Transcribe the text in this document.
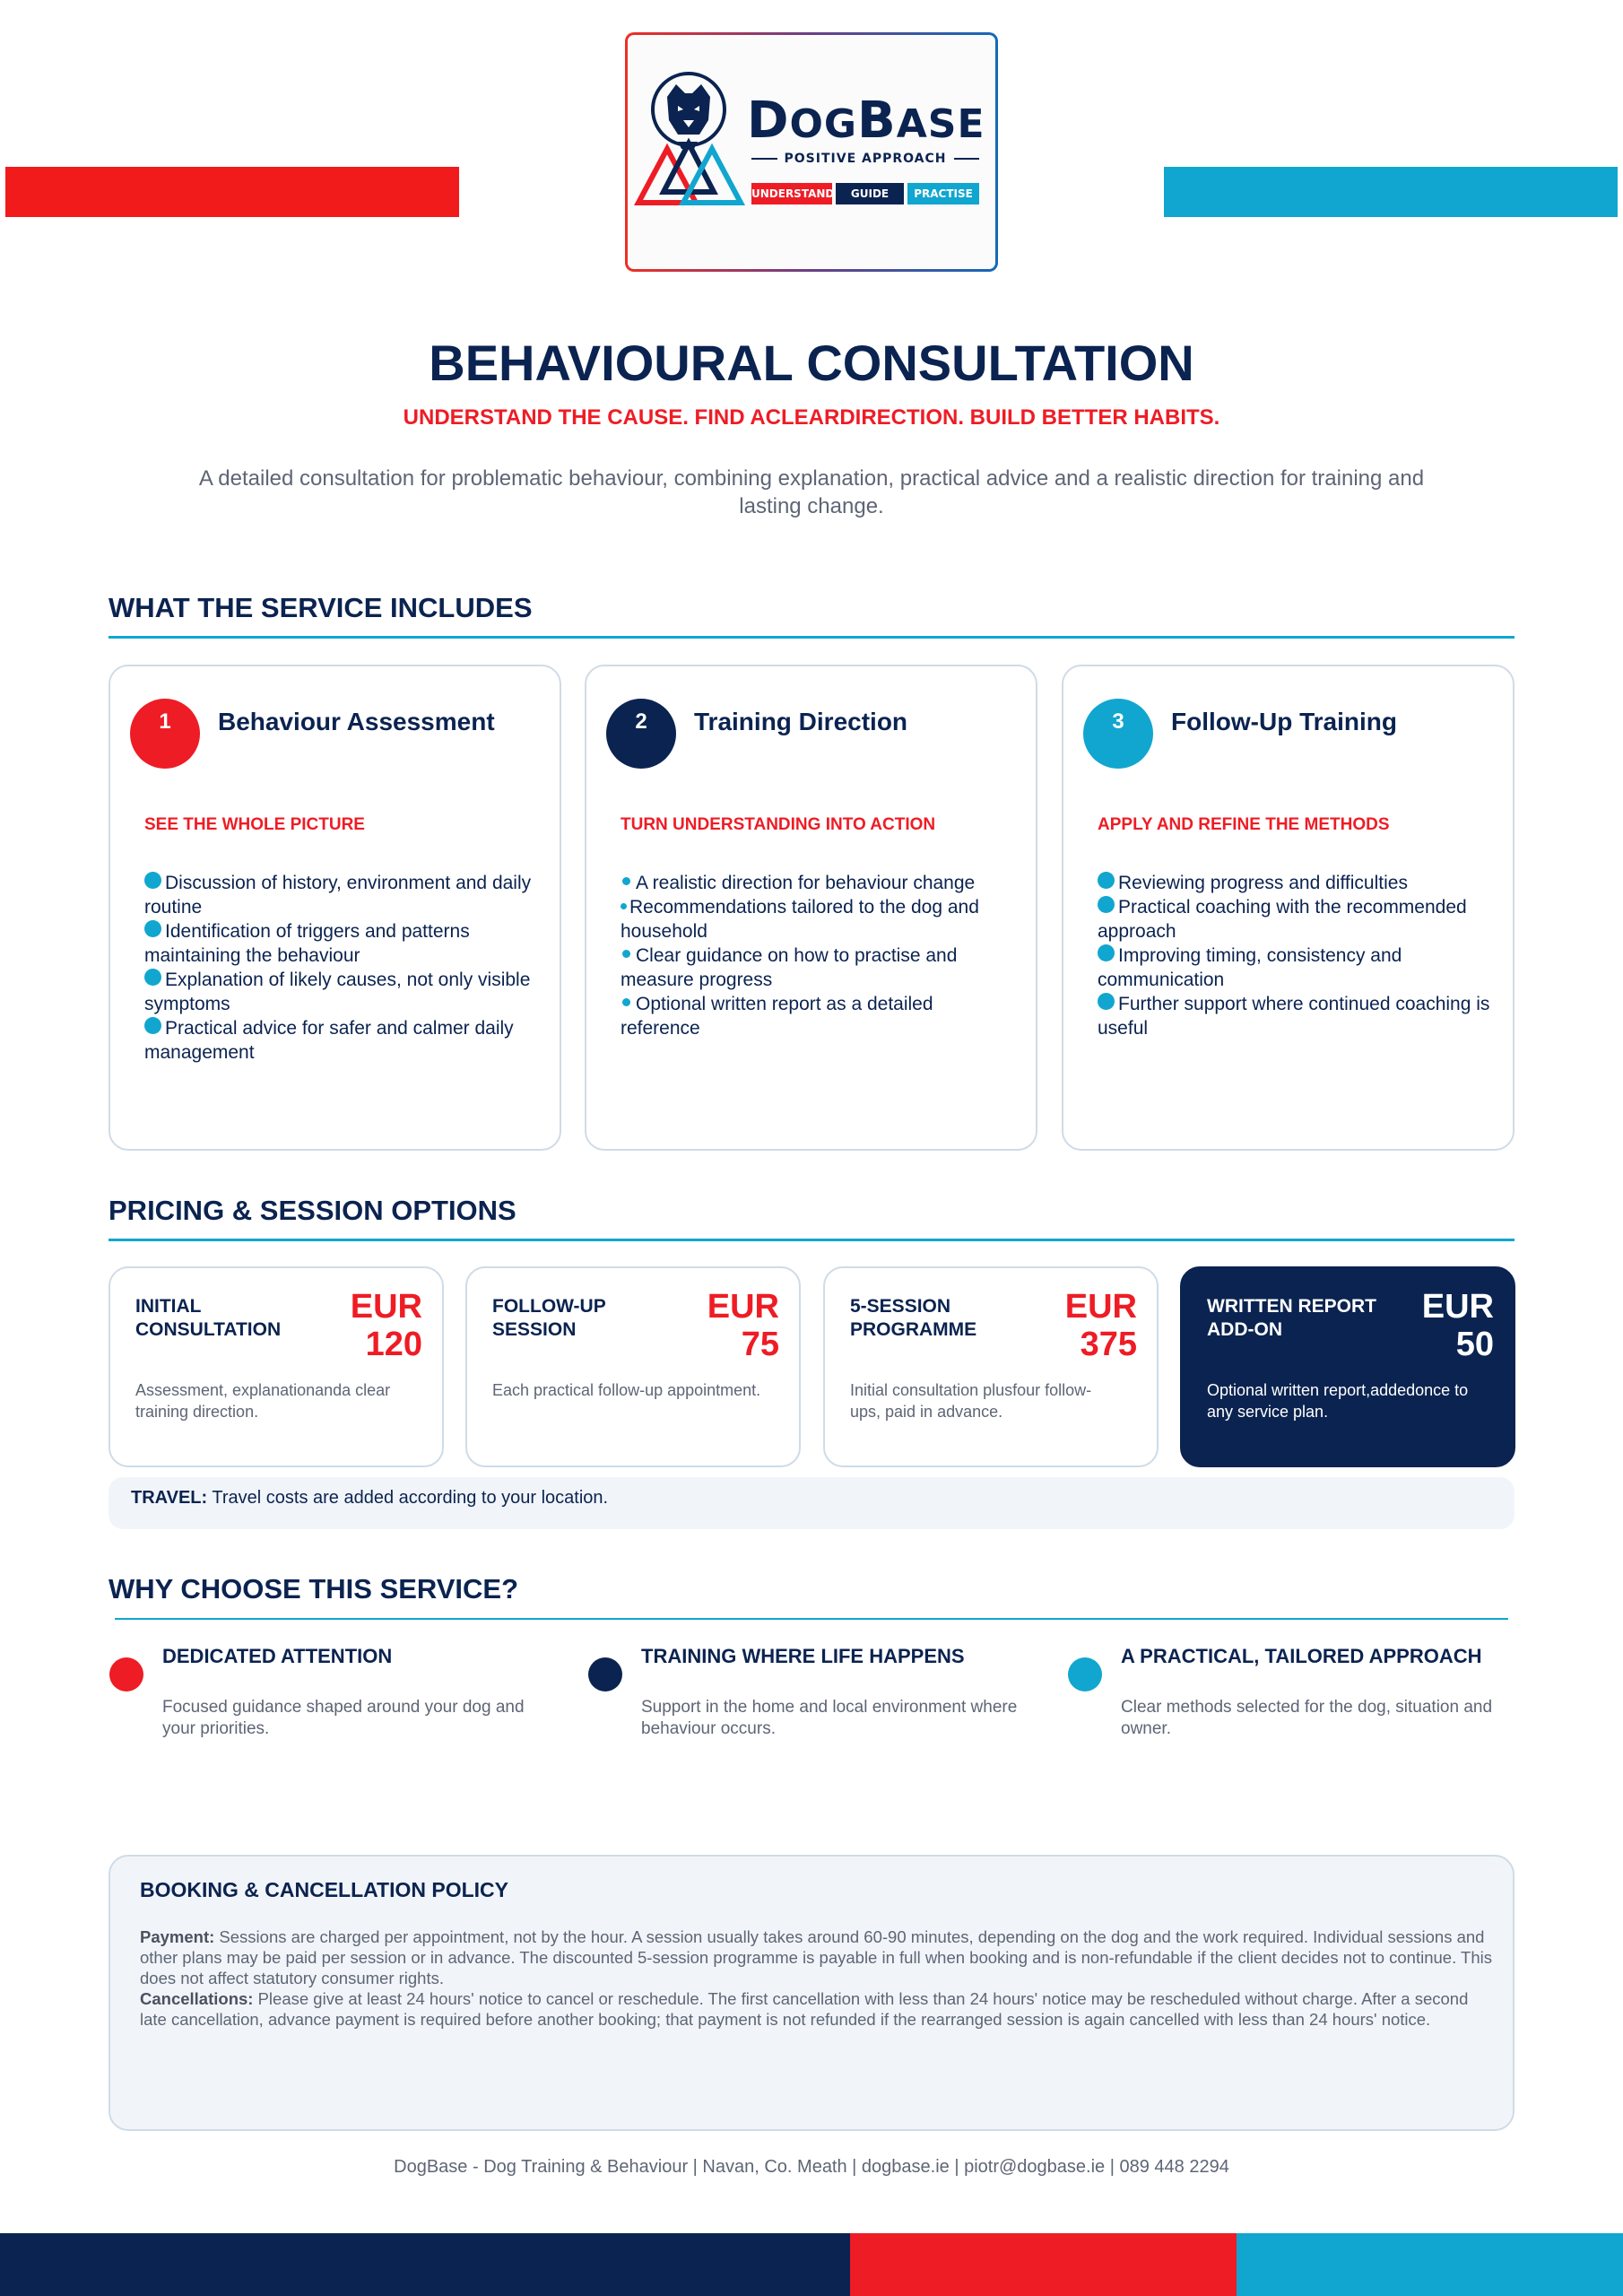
DOGBASE
POSITIVE APPROACH
UNDERSTAND	GUIDE	PRACTISE
BEHAVIOURAL CONSULTATION
UNDERSTAND THE CAUSE. FIND ACLEARDIRECTION. BUILD BETTER HABITS.
A detailed consultation for problematic behaviour, combining explanation, practical advice and a realistic direction for training and lasting change.
WHAT THE SERVICE INCLUDES
1	Behaviour Assessment
SEE THE WHOLE PICTURE
Discussion of history, environment and daily routine
Identification of triggers and patterns maintaining the behaviour
Explanation of likely causes, not only visible symptoms
Practical advice for safer and calmer daily management
2	Training Direction
TURN UNDERSTANDING INTO ACTION
A realistic direction for behaviour change
Recommendations tailored to the dog and household
Clear guidance on how to practise and measure progress
Optional written report as a detailed reference
3	Follow-Up Training
APPLY AND REFINE THE METHODS
Reviewing progress and difficulties
Practical coaching with the recommended approach
Improving timing, consistency and communication
Further support where continued coaching is useful
PRICING & SESSION OPTIONS
INITIAL CONSULTATION
EUR
120
Assessment, explanationanda clear training direction.
FOLLOW-UP SESSION
EUR
75
Each practical follow-up appointment.
5-SESSION PROGRAMME
EUR
375
Initial consultation plusfour follow-ups, paid in advance.
WRITTEN REPORT ADD-ON
EUR
50
Optional written report,addedonce to any service plan.
TRAVEL: Travel costs are added according to your location.
WHY CHOOSE THIS SERVICE?
DEDICATED ATTENTION
Focused guidance shaped around your dog and your priorities.
TRAINING WHERE LIFE HAPPENS
Support in the home and local environment where behaviour occurs.
A PRACTICAL, TAILORED APPROACH
Clear methods selected for the dog, situation and owner.
BOOKING & CANCELLATION POLICY
Payment: Sessions are charged per appointment, not by the hour. A session usually takes around 60-90 minutes, depending on the dog and the work required. Individual sessions and other plans may be paid per session or in advance. The discounted 5-session programme is payable in full when booking and is non-refundable if the client decides not to continue. This does not affect statutory consumer rights.
Cancellations: Please give at least 24 hours' notice to cancel or reschedule. The first cancellation with less than 24 hours' notice may be rescheduled without charge. After a second late cancellation, advance payment is required before another booking; that payment is not refunded if the rearranged session is again cancelled with less than 24 hours' notice.
DogBase - Dog Training & Behaviour | Navan, Co. Meath | dogbase.ie | piotr@dogbase.ie | 089 448 2294
